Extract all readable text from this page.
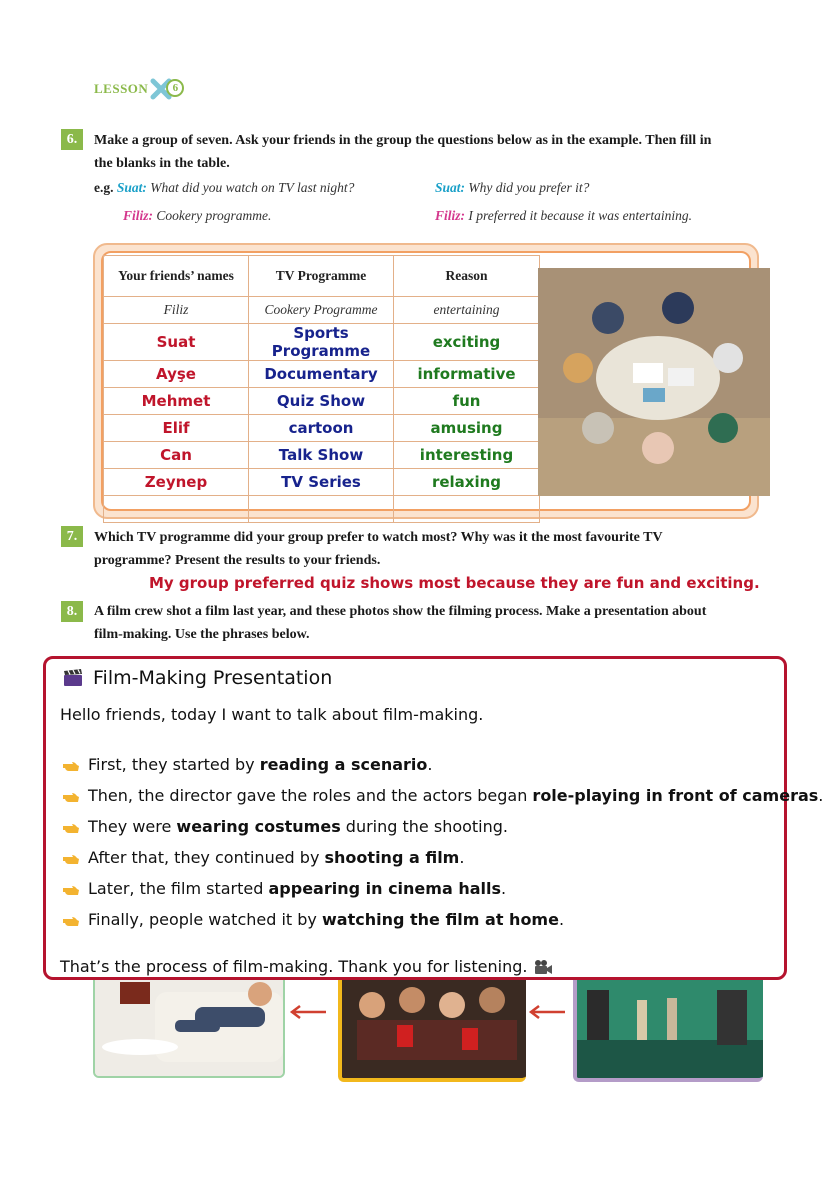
LESSON	6
6.	Make a group of seven. Ask your friends in the group the questions below as in the example. Then fill in
the blanks in the table.
e.g. Suat: What did you watch on TV last night?	Suat: Why did you prefer it?
Filiz: Cookery programme.	Filiz: I preferred it because it was entertaining.
Your friends’ names	TV Programme	Reason
Filiz	Cookery Programme	entertaining
Suat	Sports Programme	exciting
Ayşe	Documentary	informative
Mehmet	Quiz Show	fun
Elif	cartoon	amusing
Can	Talk Show	interesting
Zeynep	TV Series	relaxing

7.	Which TV programme did your group prefer to watch most? Why was it the most favourite TV
programme? Present the results to your friends.
My group preferred quiz shows most because they are fun and exciting.
8.	A film crew shot a film last year, and these photos show the filming process. Make a presentation about
film-making. Use the phrases below.
Film-Making Presentation
Hello friends, today I want to talk about film-making.
First, they started by reading a scenario.
Then, the director gave the roles and the actors began role-playing in front of cameras.
They were wearing costumes during the shooting.
After that, they continued by shooting a film.
Later, the film started appearing in cinema halls.
Finally, people watched it by watching the film at home.
That’s the process of film-making. Thank you for listening.
